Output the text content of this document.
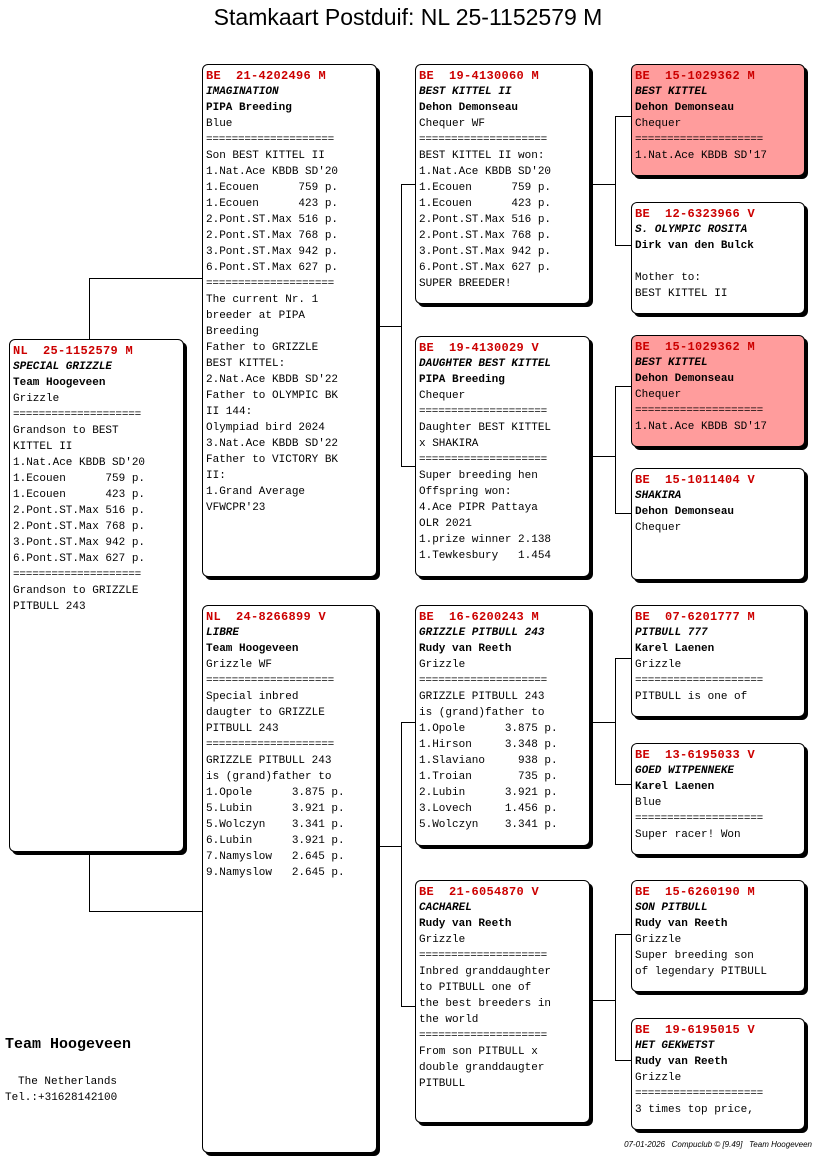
Stamkaart Postduif: NL 25-1152579 M
NL  25-1152579 M
SPECIAL GRIZZLE
Team Hoogeveen
Grizzle
====================
Grandson to BEST
KITTEL II
1.Nat.Ace KBDB SD'20
1.Ecouen      759 p.
1.Ecouen      423 p.
2.Pont.ST.Max 516 p.
2.Pont.ST.Max 768 p.
3.Pont.ST.Max 942 p.
6.Pont.ST.Max 627 p.
====================
Grandson to GRIZZLE
PITBULL 243
BE  21-4202496 M
IMAGINATION
PIPA Breeding
Blue
====================
Son BEST KITTEL II
1.Nat.Ace KBDB SD'20
1.Ecouen      759 p.
1.Ecouen      423 p.
2.Pont.ST.Max 516 p.
2.Pont.ST.Max 768 p.
3.Pont.ST.Max 942 p.
6.Pont.ST.Max 627 p.
====================
The current Nr. 1
breeder at PIPA
Breeding
Father to GRIZZLE
BEST KITTEL:
2.Nat.Ace KBDB SD'22
Father to OLYMPIC BK
II 144:
Olympiad bird 2024
3.Nat.Ace KBDB SD'22
Father to VICTORY BK
II:
1.Grand Average
VFWCPR'23
NL  24-8266899 V
LIBRE
Team Hoogeveen
Grizzle WF
====================
Special inbred
daugter to GRIZZLE
PITBULL 243
====================
GRIZZLE PITBULL 243
is (grand)father to
1.Opole      3.875 p.
5.Lubin      3.921 p.
5.Wolczyn    3.341 p.
6.Lubin      3.921 p.
7.Namyslow   2.645 p.
9.Namyslow   2.645 p.
BE  19-4130060 M
BEST KITTEL II
Dehon Demonseau
Chequer WF
====================
BEST KITTEL II won:
1.Nat.Ace KBDB SD'20
1.Ecouen      759 p.
1.Ecouen      423 p.
2.Pont.ST.Max 516 p.
2.Pont.ST.Max 768 p.
3.Pont.ST.Max 942 p.
6.Pont.ST.Max 627 p.
SUPER BREEDER!
BE  19-4130029 V
DAUGHTER BEST KITTEL
PIPA Breeding
Chequer
====================
Daughter BEST KITTEL
x SHAKIRA
====================
Super breeding hen
Offspring won:
4.Ace PIPR Pattaya
OLR 2021
1.prize winner 2.138
1.Tewkesbury   1.454
BE  16-6200243 M
GRIZZLE PITBULL 243
Rudy van Reeth
Grizzle
====================
GRIZZLE PITBULL 243
is (grand)father to
1.Opole      3.875 p.
1.Hirson     3.348 p.
1.Slaviano     938 p.
1.Troian       735 p.
2.Lubin      3.921 p.
3.Lovech     1.456 p.
5.Wolczyn    3.341 p.
BE  21-6054870 V
CACHAREL
Rudy van Reeth
Grizzle
====================
Inbred granddaughter
to PITBULL one of
the best breeders in
the world
====================
From son PITBULL x
double granddaugter
PITBULL
BE  15-1029362 M
BEST KITTEL
Dehon Demonseau
Chequer
====================
1.Nat.Ace KBDB SD'17
BE  12-6323966 V
S. OLYMPIC ROSITA
Dirk van den Bulck
Mother to:
BEST KITTEL II
BE  15-1029362 M
BEST KITTEL
Dehon Demonseau
Chequer
====================
1.Nat.Ace KBDB SD'17
BE  15-1011404 V
SHAKIRA
Dehon Demonseau
Chequer
BE  07-6201777 M
PITBULL 777
Karel Laenen
Grizzle
====================
PITBULL is one of
BE  13-6195033 V
GOED WITPENNEKE
Karel Laenen
Blue
====================
Super racer! Won
BE  15-6260190 M
SON PITBULL
Rudy van Reeth
Grizzle
Super breeding son
of legendary PITBULL
BE  19-6195015 V
HET GEKWETST
Rudy van Reeth
Grizzle
====================
3 times top price,
Team Hoogeveen
The Netherlands
Tel.:+31628142100
07-01-2026   Compuclub © [9.49]   Team Hoogeveen
